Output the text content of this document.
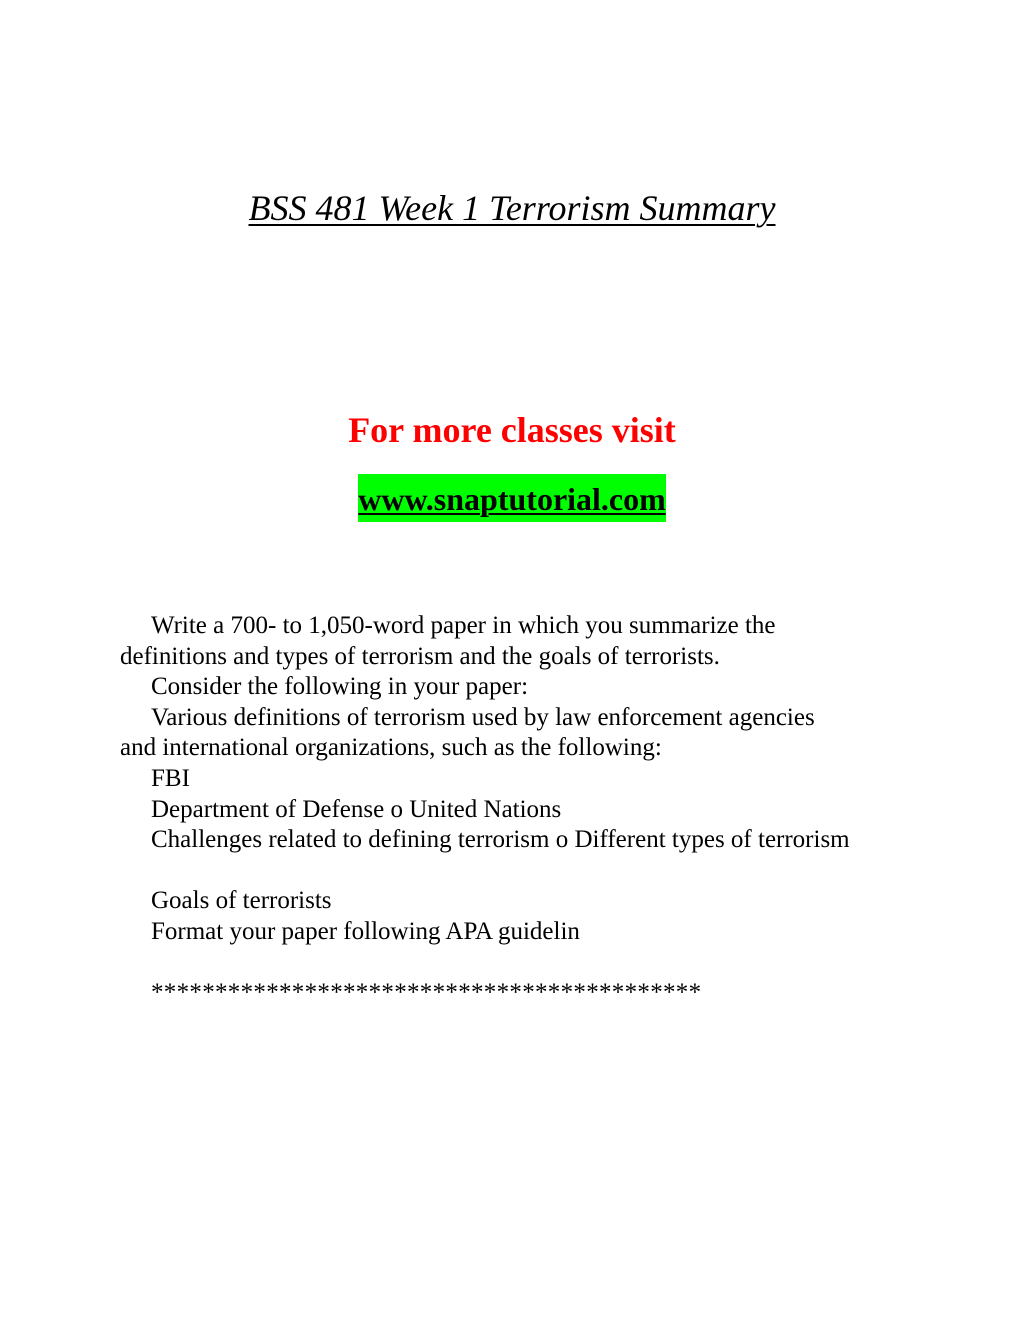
BSS 481 Week 1 Terrorism Summary
For more classes visit
www.snaptutorial.com
Write a 700- to 1,050-word paper in which you summarize the
definitions and types of terrorism and the goals of terrorists.
Consider the following in your paper:
Various definitions of terrorism used by law enforcement agencies
and international organizations, such as the following:
FBI
Department of Defense o United Nations
Challenges related to defining terrorism o Different types of terrorism
Goals of terrorists
Format your paper following APA guidelin
*******************************************
